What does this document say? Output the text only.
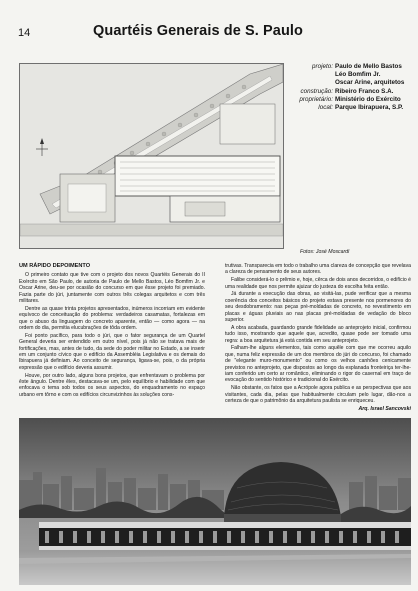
14	Quartéis Generais de S. Paulo
projeto: Paulo de Mello Bastos
Léo Bomfim Jr.
Oscar Arine, arquitetos
construção: Ribeiro Franco S.A.
proprietário: Ministério do Exército
local: Parque Ibirapuera, S.P.
Fotos: José Moscardi
UM RÁPIDO DEPOIMENTO

O primeiro contato que tive com o projeto dos novos Quartéis Generais do II Exército em São Paulo, de autoria de Paulo de Mello Bastos, Léo Bomfim Jr. e Oscar Arine, deu-se por ocasião do concurso em que êsse projeto foi premiado. Fazia parte do júri, juntamente com outros três colegas arquitetos e com três militares.

Dentre as quase trinta projetos apresentados, inúmeros incorriam em evidente equívoco de conceituação do problema: verdadeiros casamatas, fortalezas em que o abuso da linguagem do concreto aparente, então — como agora — na ordem do dia, permitia elucubrações de tôda ordem.

Foi ponto pacífico, para todo o júri, que o fator segurança de um Quartel General deveria ser entendido em outro nível, pois já não se tratava mais de fortificações, mas, antes de tudo, da sede do poder militar no Estado, a se inserir em um conjunto cívico que o edifício da Assembléia Legislativa e os demais do Ibirapuera já definiam. Ao conceito de segurança, ligava-se, pois, o da própria expressão que o edifício deveria assumir.

Houve, por outro lado, alguns bons projetos, que enfrentavam o problema por êste ângulo. Dentre êles, destacava-se um, pelo equilíbrio e habilidade com que enfocava o tema sob todos os seus aspectos, do enquadramento no espaço urbano em tôrno e com os edifícios circunvizinhos às soluções cons-

trutivas. Transparecia em todo o trabalho uma clareza de concepção que revelava a clareza de pensamento de seus autores.

Falibe considerá-lo o prêmio e, hoje, cêrca de dois anos decorridos, o edifício é uma realidade que nos permite ajuizar do justeza do escolha feita então.

Já durante a execução das obras, ao visitá-las, pude verificar que a mesma coerência dos conceitos básicos do projeto estava presente nos pormenores do seu desdobramento: nas peças pré-moldadas de concreto, no revestimento em placas e águas pluviais ao nas placas pré-moldadas de vedação do bloco superior.

A obra acabada, guardando grande fidelidade ao anteprojeto inicial, confirmou tudo isso, mostrando que aquele que, acredito, quase pode ser tomado uma regra: a boa arquitetura já está contida em seu anteprojeto.

Falham-lhe alguns elementos, tais como aquêle com que me ocorreu aquilo que, numa feliz expressão de um dos membros do júri do concurso, foi chamado de "elegante muro-monumento" ou como os velhos canhões cenicamente previstos no anteprojeto, que dispostos ao longo da esplanada fronteiriça ter-lhe-iam conferido um certo ar romântico, eliminando o rigor do casernal em traço de evocação do sentido histórico e tradicional do Exército.

Não obstante, os fatos que a Acrópole agora publica e as perspectivas que aos visitantes, cada dia, pelas que habitualmente circulam pelo lugar, dão-nos a certeza de que o patrimônio da arquitetura paulista se enriqueceu.

Arq. Israel Sancovski
